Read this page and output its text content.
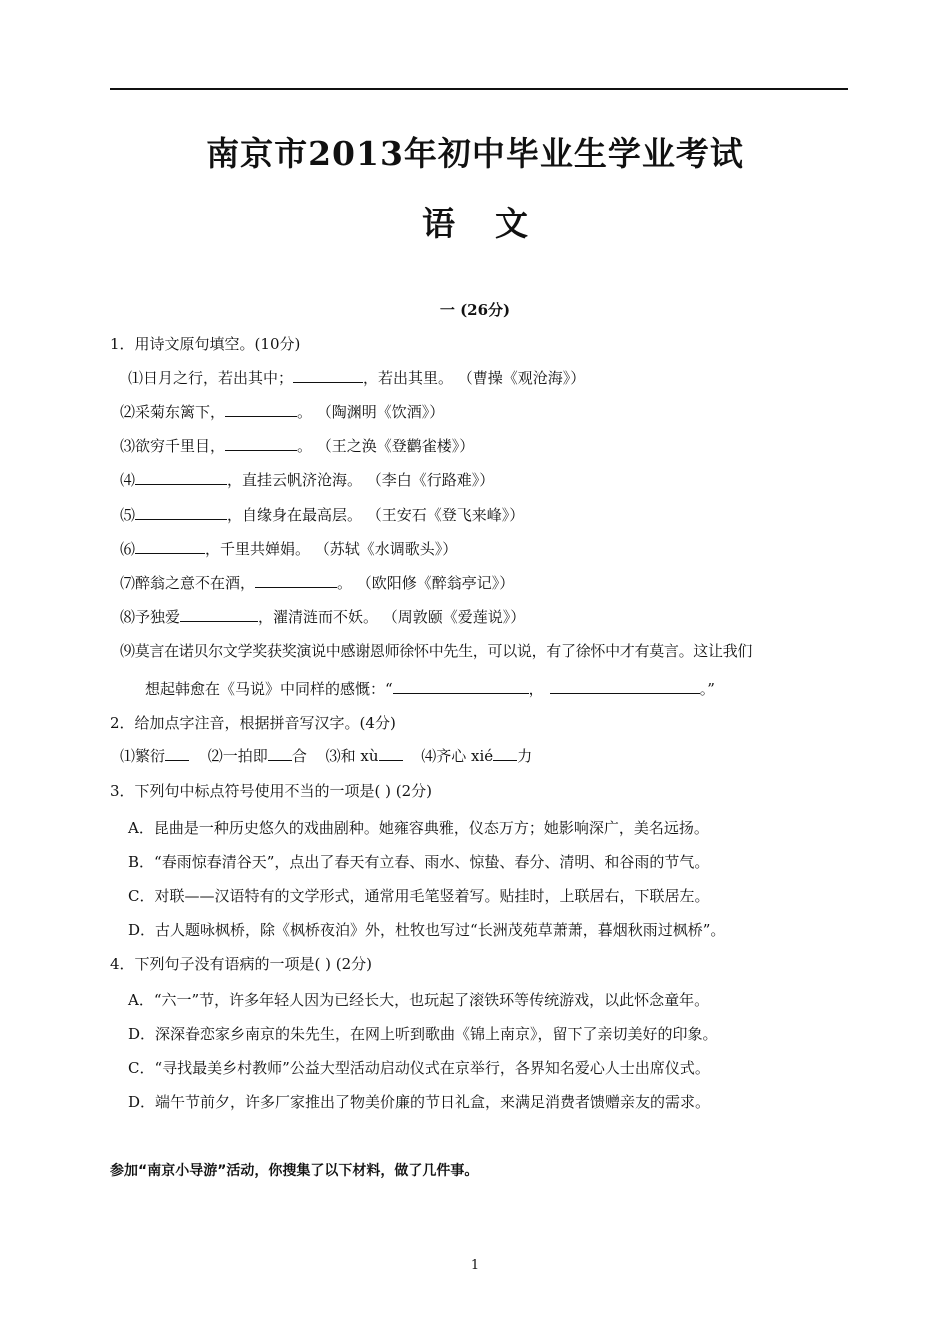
南京市2013年初中毕业生学业考试
语 文
一 (26分)
1．用诗文原句填空。(10分)
⑴日月之行，若出其中；	，若出其里。 （曹操《观沧海》）
⑵采菊东篱下，	。 （陶渊明《饮酒》）
⑶欲穷千里目，	。 （王之涣《登鹳雀楼》）
⑷	，直挂云帆济沧海。 （李白《行路难》）
⑸	，自缘身在最高层。 （王安石《登飞来峰》）
⑹	，千里共婵娟。 （苏轼《水调歌头》）
⑺醉翁之意不在酒，	。 （欧阳修《醉翁亭记》）
⑻予独爱	，濯清涟而不妖。 （周敦颐《爱莲说》）
⑼莫言在诺贝尔文学奖获奖演说中感谢恩师徐怀中先生，可以说，有了徐怀中才有莫言。这让我们
想起韩愈在《马说》中同样的感慨：“	，	。”
2．给加点字注音，根据拼音写汉字。(4分)
⑴繁衍	⑵一拍即 合 ⑶和 xù	⑷齐心 xié 力
3．下列句中标点符号使用不当的一项是( ) (2分)
A．昆曲是一种历史悠久的戏曲剧种。她雍容典雅，仪态万方；她影响深广，美名远扬。
B．“春雨惊春清谷天”，点出了春天有立春、雨水、惊蛰、春分、清明、和谷雨的节气。
C．对联——汉语特有的文学形式，通常用毛笔竖着写。贴挂时，上联居右，下联居左。
D．古人题咏枫桥，除《枫桥夜泊》外，杜牧也写过“长洲茂苑草萧萧，暮烟秋雨过枫桥”。
4．下列句子没有语病的一项是( ) (2分)
A．“六一”节，许多年轻人因为已经长大，也玩起了滚铁环等传统游戏，以此怀念童年。
D．深深眷恋家乡南京的朱先生，在网上听到歌曲《锦上南京》，留下了亲切美好的印象。
C．“寻找最美乡村教师”公益大型活动启动仪式在京举行，各界知名爱心人士出席仪式。
D．端午节前夕，许多厂家推出了物美价廉的节日礼盒，来满足消费者馈赠亲友的需求。
参加“南京小导游”活动，你搜集了以下材料，做了几件事。
1
